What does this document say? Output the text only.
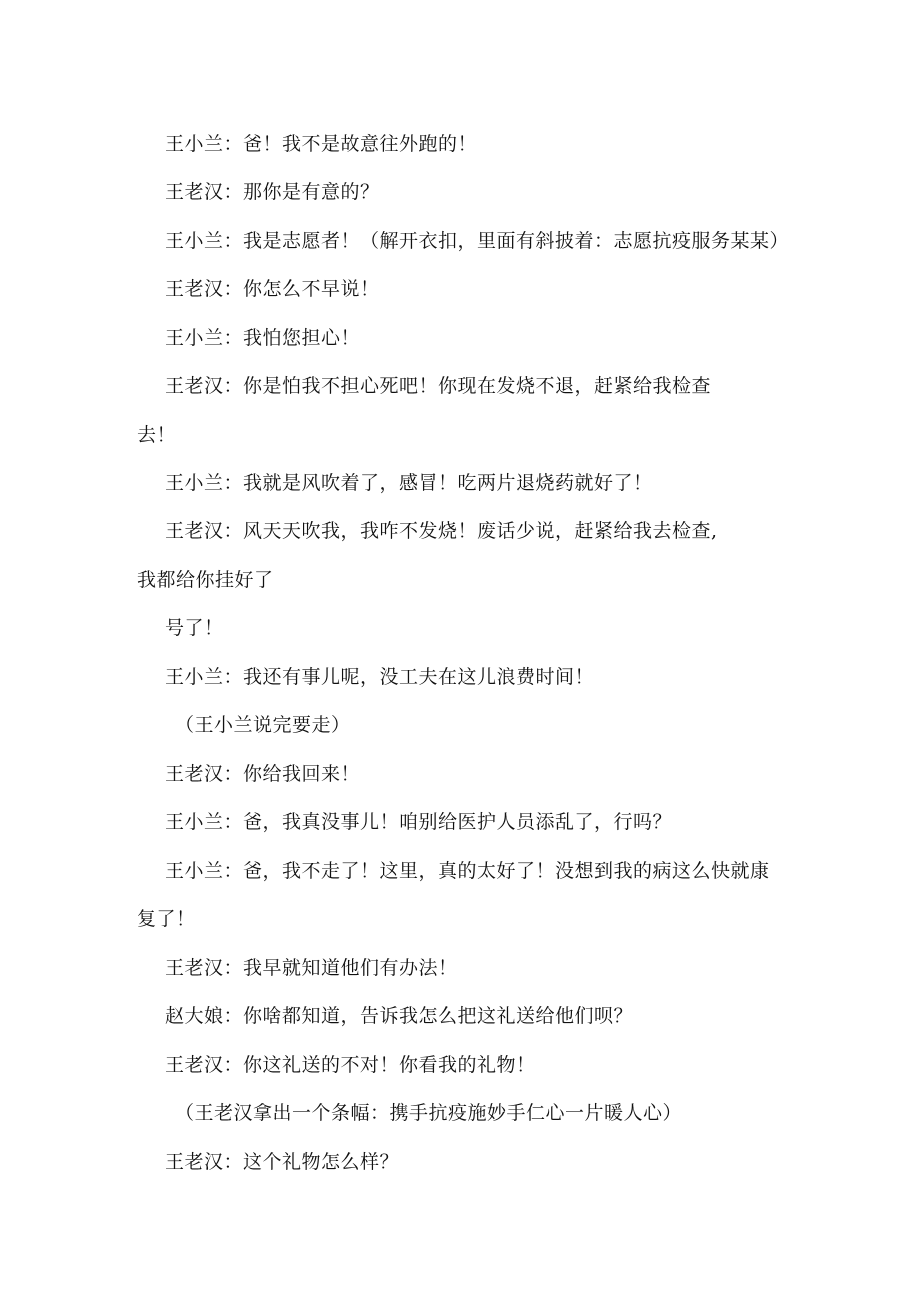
王小兰：爸！我不是故意往外跑的！
王老汉：那你是有意的？
王小兰：我是志愿者！（解开衣扣，里面有斜披着：志愿抗疫服务某某）
王老汉：你怎么不早说！
王小兰：我怕您担心！
王老汉：你是怕我不担心死吧！你现在发烧不退，赶紧给我检查
去！
王小兰：我就是风吹着了，感冒！吃两片退烧药就好了！
王老汉：风天天吹我，我咋不发烧！废话少说，赶紧给我去检查,
我都给你挂好了
号了！
王小兰：我还有事儿呢，没工夫在这儿浪费时间！
（王小兰说完要走）
王老汉：你给我回来！
王小兰：爸，我真没事儿！咱别给医护人员添乱了，行吗？
王小兰：爸，我不走了！这里，真的太好了！没想到我的病这么快就康
复了！
王老汉：我早就知道他们有办法！
赵大娘：你啥都知道，告诉我怎么把这礼送给他们呗？
王老汉：你这礼送的不对！你看我的礼物！
（王老汉拿出一个条幅：携手抗疫施妙手仁心一片暖人心）
王老汉：这个礼物怎么样？
